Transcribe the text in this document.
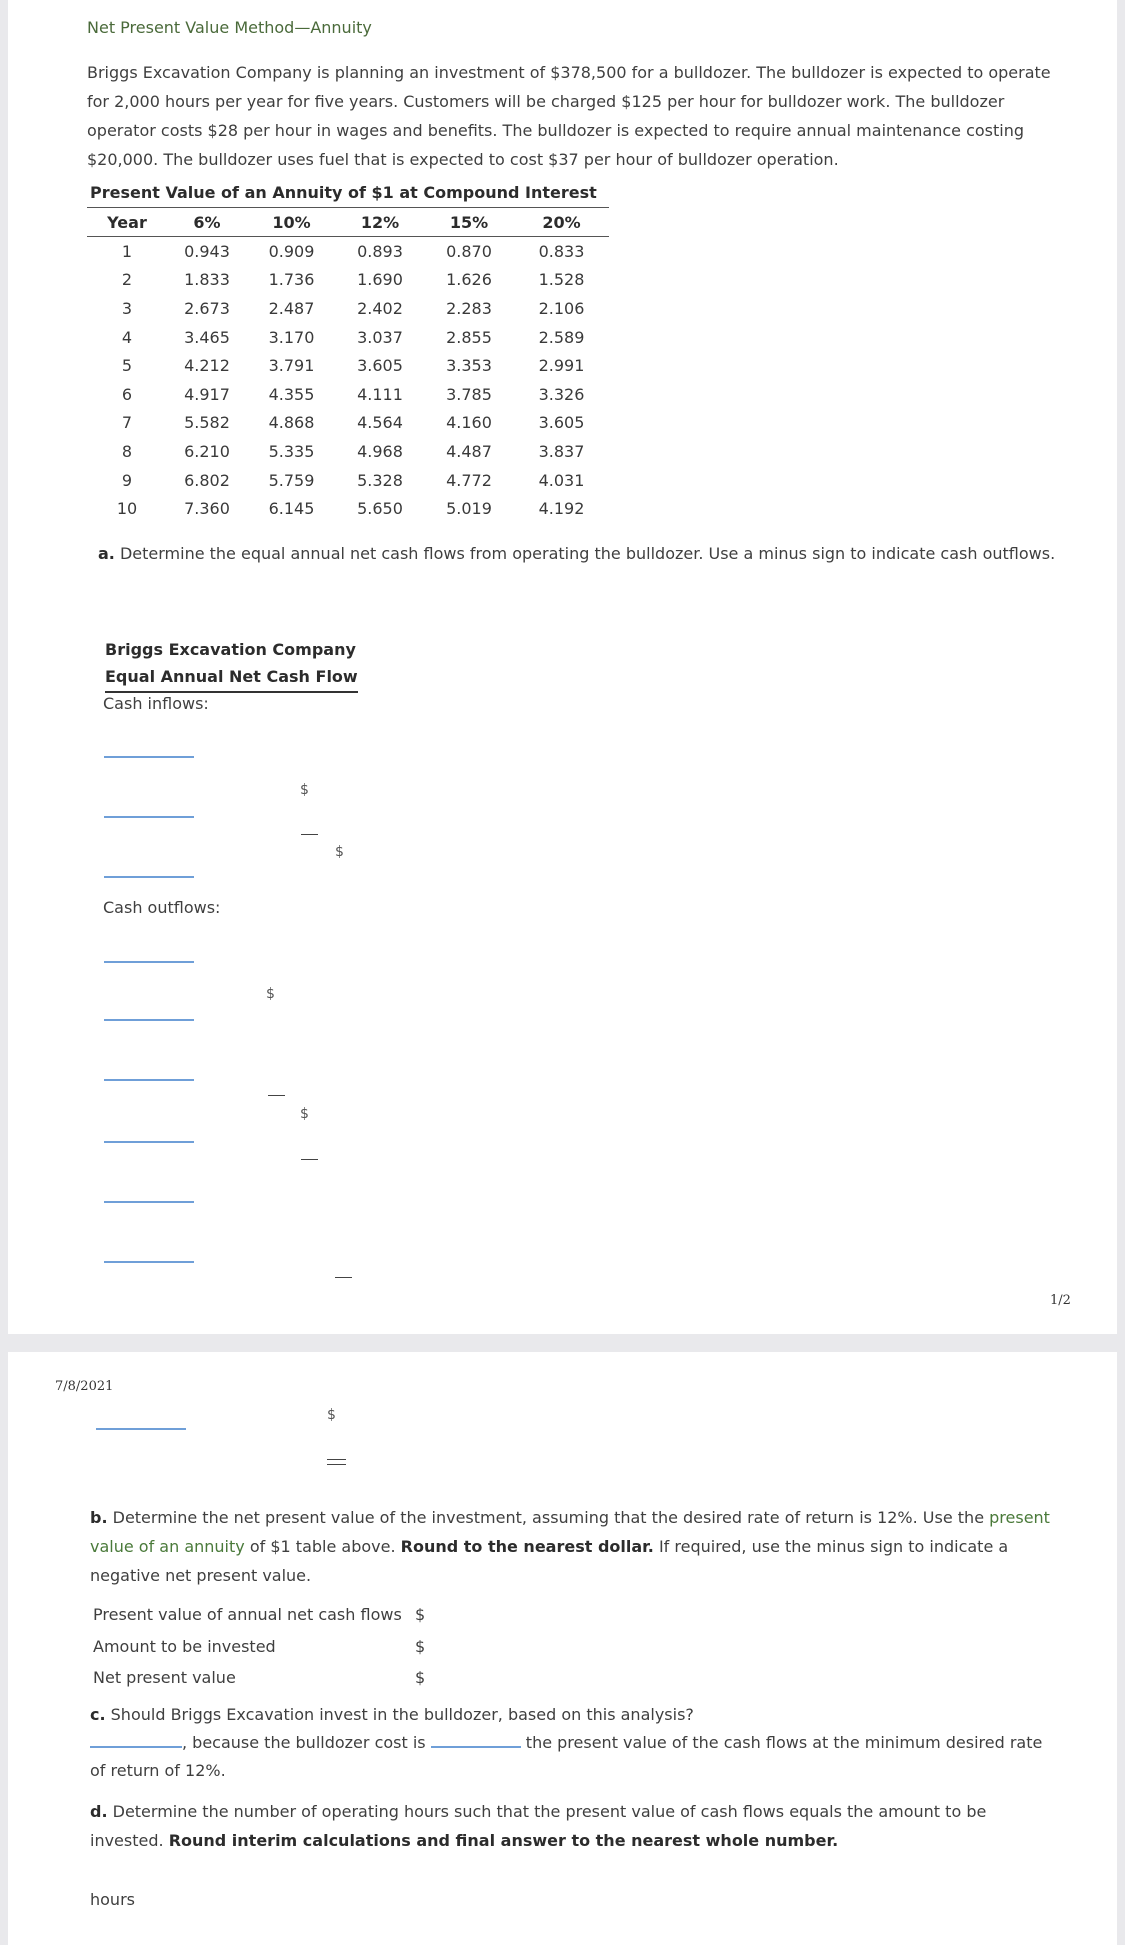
Net Present Value Method—Annuity
Briggs Excavation Company is planning an investment of $378,500 for a bulldozer. The bulldozer is expected to operate for 2,000 hours per year for five years. Customers will be charged $125 per hour for bulldozer work. The bulldozer operator costs $28 per hour in wages and benefits. The bulldozer is expected to require annual maintenance costing $20,000. The bulldozer uses fuel that is expected to cost $37 per hour of bulldozer operation.
Present Value of an Annuity of $1 at Compound Interest
Year	6%	10%	12%	15%	20%
1	0.943	0.909	0.893	0.870	0.833
2	1.833	1.736	1.690	1.626	1.528
3	2.673	2.487	2.402	2.283	2.106
4	3.465	3.170	3.037	2.855	2.589
5	4.212	3.791	3.605	3.353	2.991
6	4.917	4.355	4.111	3.785	3.326
7	5.582	4.868	4.564	4.160	3.605
8	6.210	5.335	4.968	4.487	3.837
9	6.802	5.759	5.328	4.772	4.031
10	7.360	6.145	5.650	5.019	4.192
a. Determine the equal annual net cash flows from operating the bulldozer. Use a minus sign to indicate cash outflows.
Briggs Excavation Company
Equal Annual Net Cash Flow
Cash inflows:
$
$
Cash outflows:
$
$
1/2
7/8/2021
$
b. Determine the net present value of the investment, assuming that the desired rate of return is 12%. Use the present value of an annuity of $1 table above. Round to the nearest dollar. If required, use the minus sign to indicate a negative net present value.
Present value of annual net cash flows $
Amount to be invested	$
Net present value	$
c. Should Briggs Excavation invest in the bulldozer, based on this analysis?
, because the bulldozer cost is	the present value of the cash flows at the minimum desired rate
of return of 12%.
d. Determine the number of operating hours such that the present value of cash flows equals the amount to be invested. Round interim calculations and final answer to the nearest whole number.
hours
